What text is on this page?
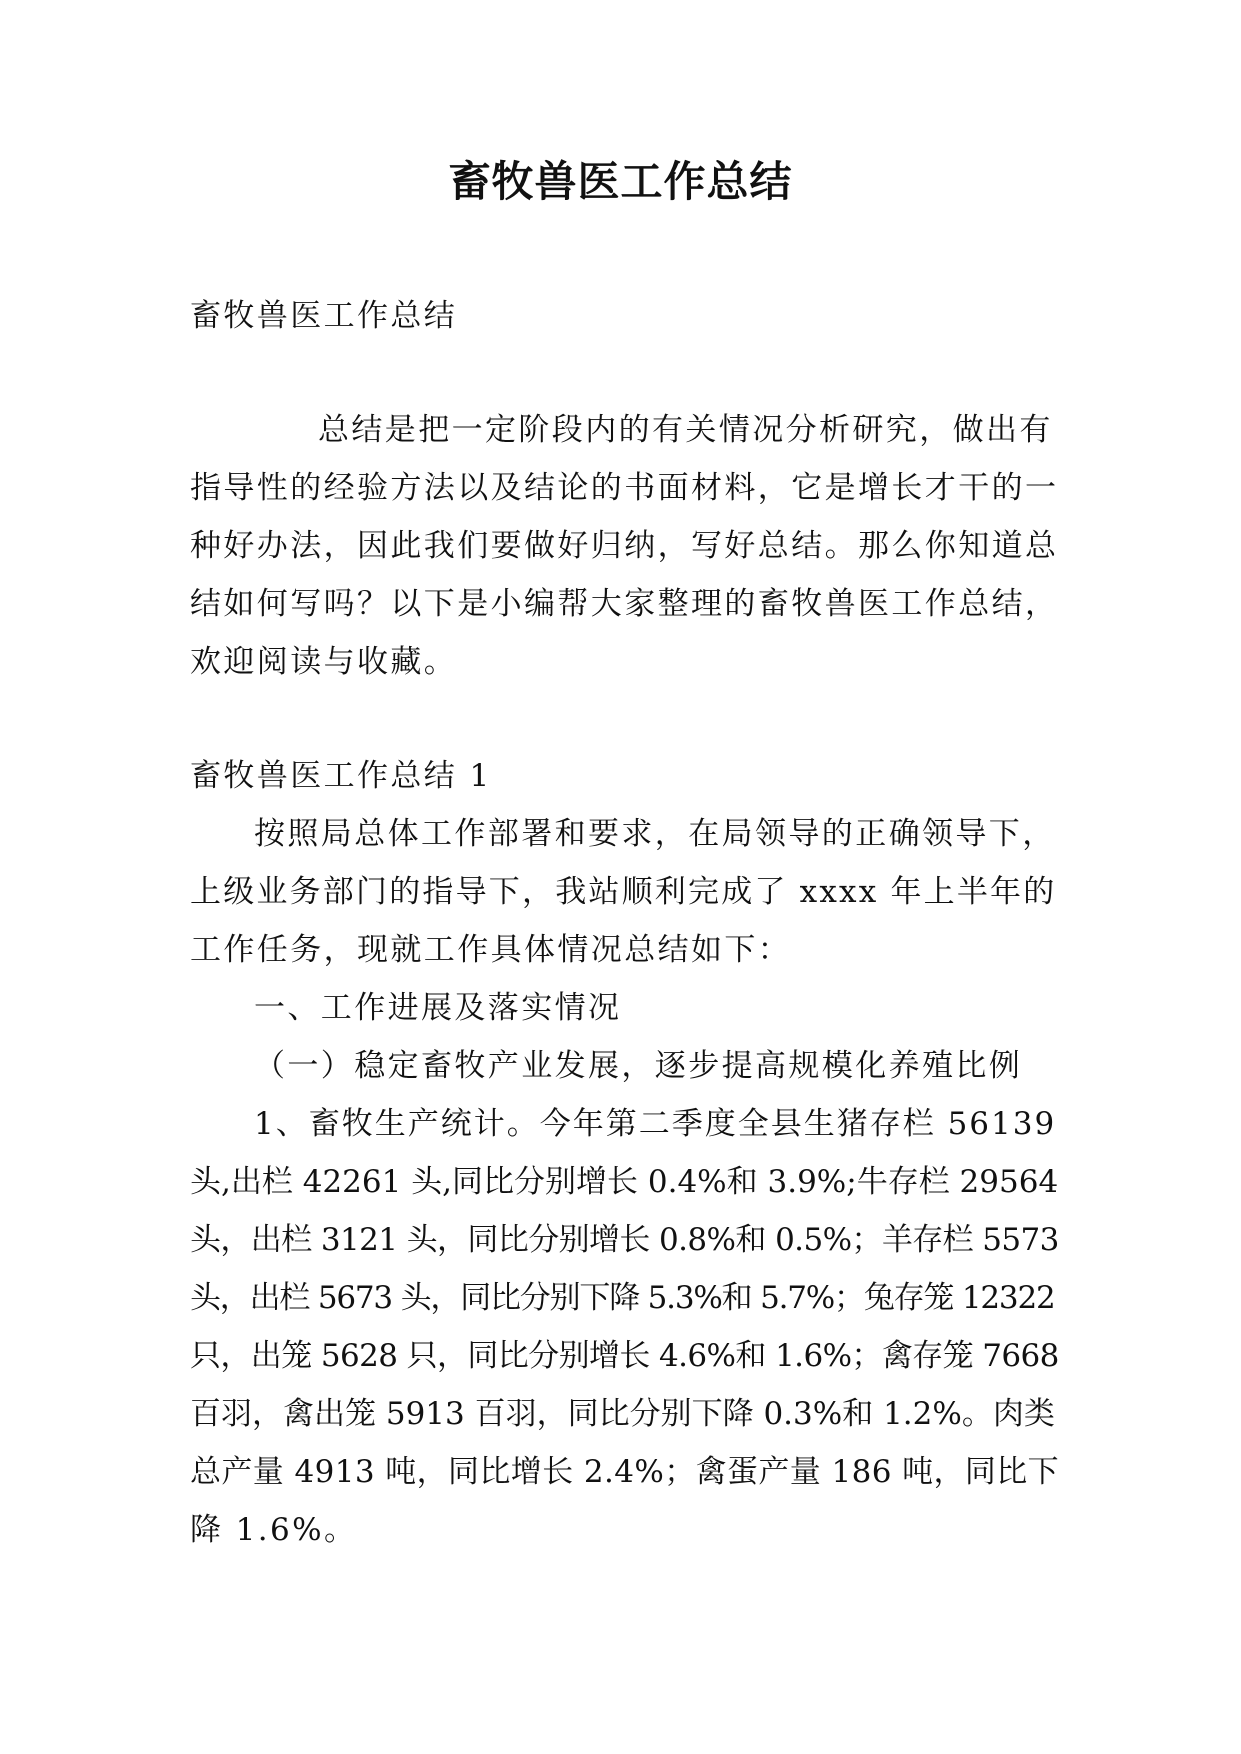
畜牧兽医工作总结
畜牧兽医工作总结
总结是把一定阶段内的有关情况分析研究，做出有
指导性的经验方法以及结论的书面材料，它是增长才干的一
种好办法，因此我们要做好归纳，写好总结。那么你知道总
结如何写吗？以下是小编帮大家整理的畜牧兽医工作总结，
欢迎阅读与收藏。
畜牧兽医工作总结 1
按照局总体工作部署和要求，在局领导的正确领导下，
上级业务部门的指导下，我站顺利完成了 xxxx 年上半年的
工作任务，现就工作具体情况总结如下：
一、工作进展及落实情况
（一）稳定畜牧产业发展，逐步提高规模化养殖比例
1、畜牧生产统计。今年第二季度全县生猪存栏 56139
头,出栏 42261 头,同比分别增长 0.4%和 3.9%;牛存栏 29564
头，出栏 3121 头，同比分别增长 0.8%和 0.5%；羊存栏 5573
头，出栏 5673 头，同比分别下降 5.3%和 5.7%；兔存笼 12322
只，出笼 5628 只，同比分别增长 4.6%和 1.6%；禽存笼 7668
百羽，禽出笼 5913 百羽，同比分别下降 0.3%和 1.2%。肉类
总产量 4913 吨，同比增长 2.4%；禽蛋产量 186 吨，同比下
降 1.6%。
